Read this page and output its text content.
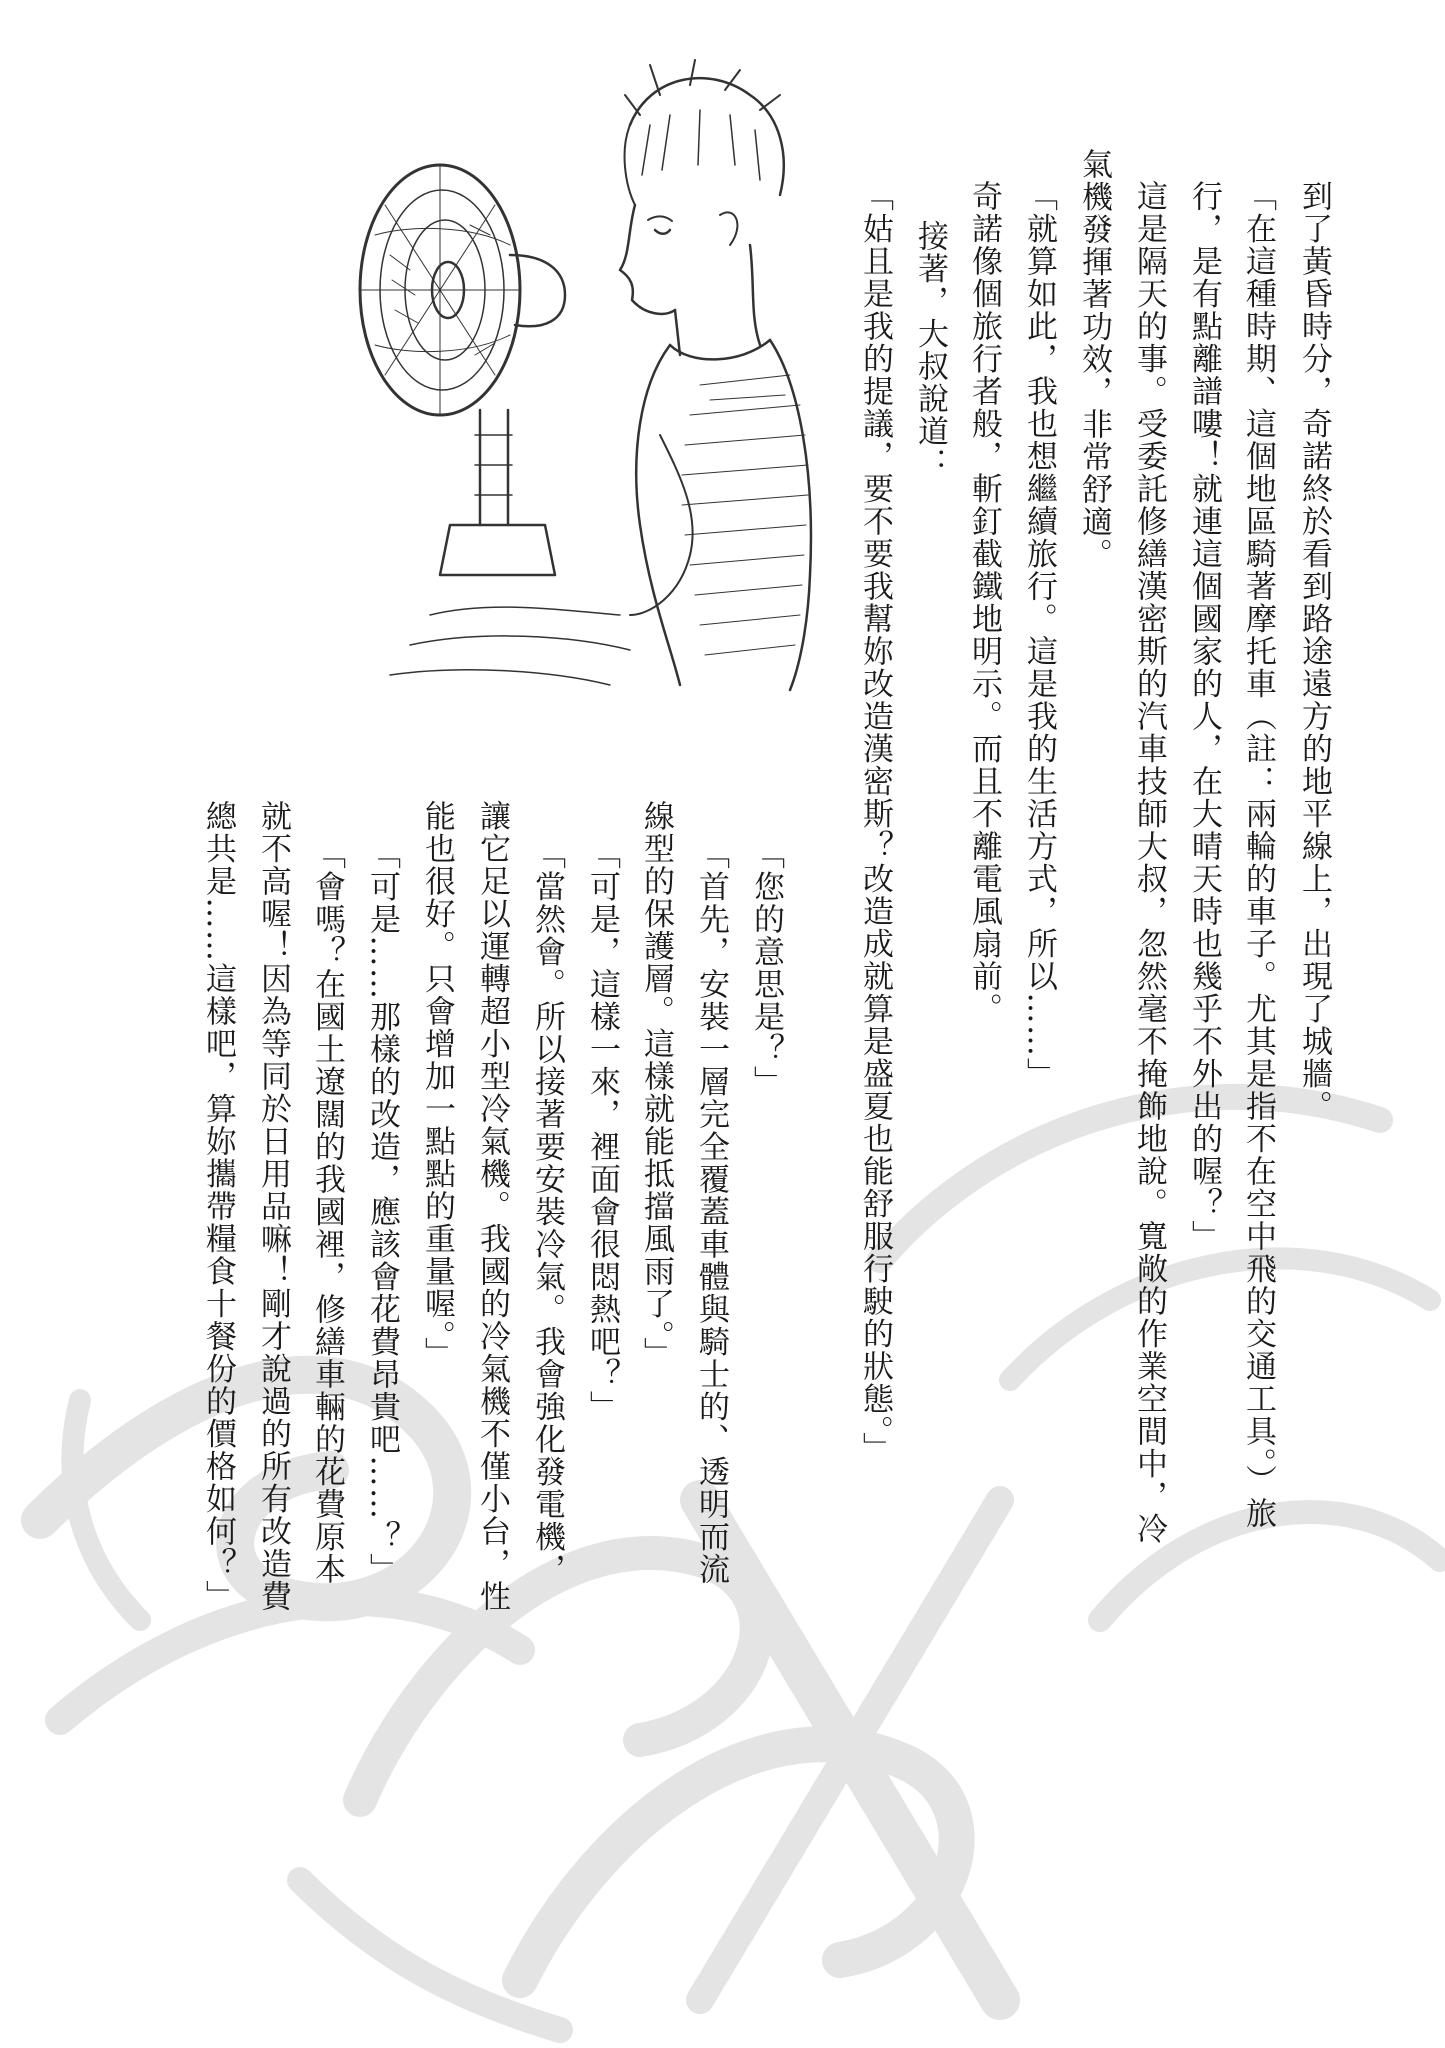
到了黃昏時分，奇諾終於看到路途遠方的地平線上，出現了城牆。
「在這種時期、這個地區騎著摩托車（註：兩輪的車子。尤其是指不在空中飛的交通工具。）旅
行，是有點離譜嘍！就連這個國家的人，在大晴天時也幾乎不外出的喔？」
這是隔天的事。受委託修繕漢密斯的汽車技師大叔，忽然毫不掩飾地說。寬敞的作業空間中，冷
氣機發揮著功效，非常舒適。
「就算如此，我也想繼續旅行。這是我的生活方式，所以……」
奇諾像個旅行者般，斬釘截鐵地明示。而且不離電風扇前。
接著，大叔說道：
「姑且是我的提議，要不要我幫妳改造漢密斯？改造成就算是盛夏也能舒服行駛的狀態。」
「您的意思是？」
「首先，安裝一層完全覆蓋車體與騎士的、透明而流
線型的保護層。這樣就能抵擋風雨了。」
「可是，這樣一來，裡面會很悶熱吧？」
「當然會。所以接著要安裝冷氣。我會強化發電機，
讓它足以運轉超小型冷氣機。我國的冷氣機不僅小台，性
能也很好。只會增加一點點的重量喔。」
「可是……那樣的改造，應該會花費昂貴吧……？」
「會嗎？在國土遼闊的我國裡，修繕車輛的花費原本
就不高喔！因為等同於日用品嘛！剛才說過的所有改造費
總共是……這樣吧，算妳攜帶糧食十餐份的價格如何？」
